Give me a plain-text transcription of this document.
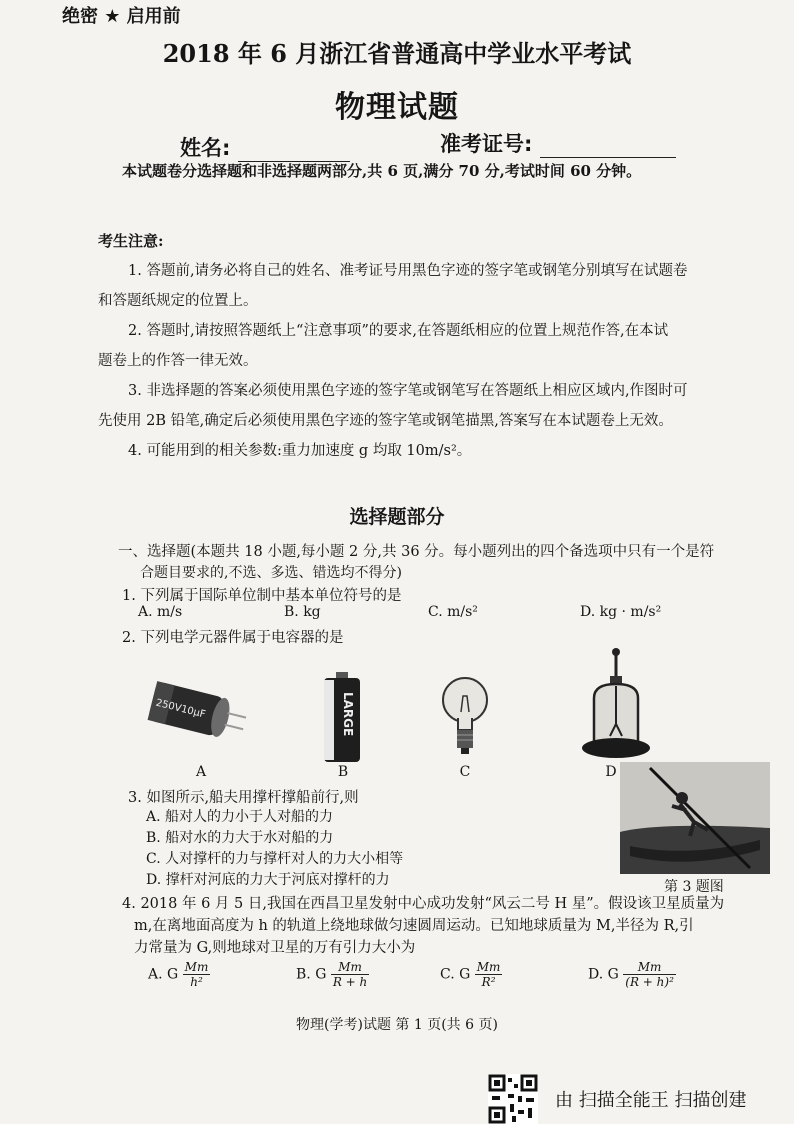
绝密 ★ 启用前
2018 年 6 月浙江省普通高中学业水平考试
物理试题
姓名:	准考证号:
本试题卷分选择题和非选择题两部分,共 6 页,满分 70 分,考试时间 60 分钟。
考生注意:
1. 答题前,请务必将自己的姓名、准考证号用黑色字迹的签字笔或钢笔分别填写在试题卷
和答题纸规定的位置上。
2. 答题时,请按照答题纸上“注意事项”的要求,在答题纸相应的位置上规范作答,在本试
题卷上的作答一律无效。
3. 非选择题的答案必须使用黑色字迹的签字笔或钢笔写在答题纸上相应区域内,作图时可
先使用 2B 铅笔,确定后必须使用黑色字迹的签字笔或钢笔描黑,答案写在本试题卷上无效。
4. 可能用到的相关参数:重力加速度 g 均取 10m/s²。
选择题部分
一、选择题(本题共 18 小题,每小题 2 分,共 36 分。每小题列出的四个备选项中只有一个是符
合题目要求的,不选、多选、错选均不得分)
1. 下列属于国际单位制中基本单位符号的是
A. m/s	B. kg	C. m/s²	D. kg · m/s²
2. 下列电学元器件属于电容器的是
250V10μF
A
LARGE
B	C	D
3. 如图所示,船夫用撑杆撑船前行,则
A. 船对人的力小于人对船的力
B. 船对水的力大于水对船的力
C. 人对撑杆的力与撑杆对人的力大小相等
D. 撑杆对河底的力大于河底对撑杆的力	第 3 题图
4. 2018 年 6 月 5 日,我国在西昌卫星发射中心成功发射“风云二号 H 星”。假设该卫星质量为
m,在离地面高度为 h 的轨道上绕地球做匀速圆周运动。已知地球质量为 M,半径为 R,引
力常量为 G,则地球对卫星的万有引力大小为
A. G $\frac{Mm}{\text{h²}}$	B. G $\frac{Mm}{R + h}$	C. G $\frac{Mm}{\text{R²}}$	D. G $\frac{Mm}{\text{(R + h)²}}$
物理(学考)试题 第 1 页(共 6 页)
由 扫描全能王 扫描创建
